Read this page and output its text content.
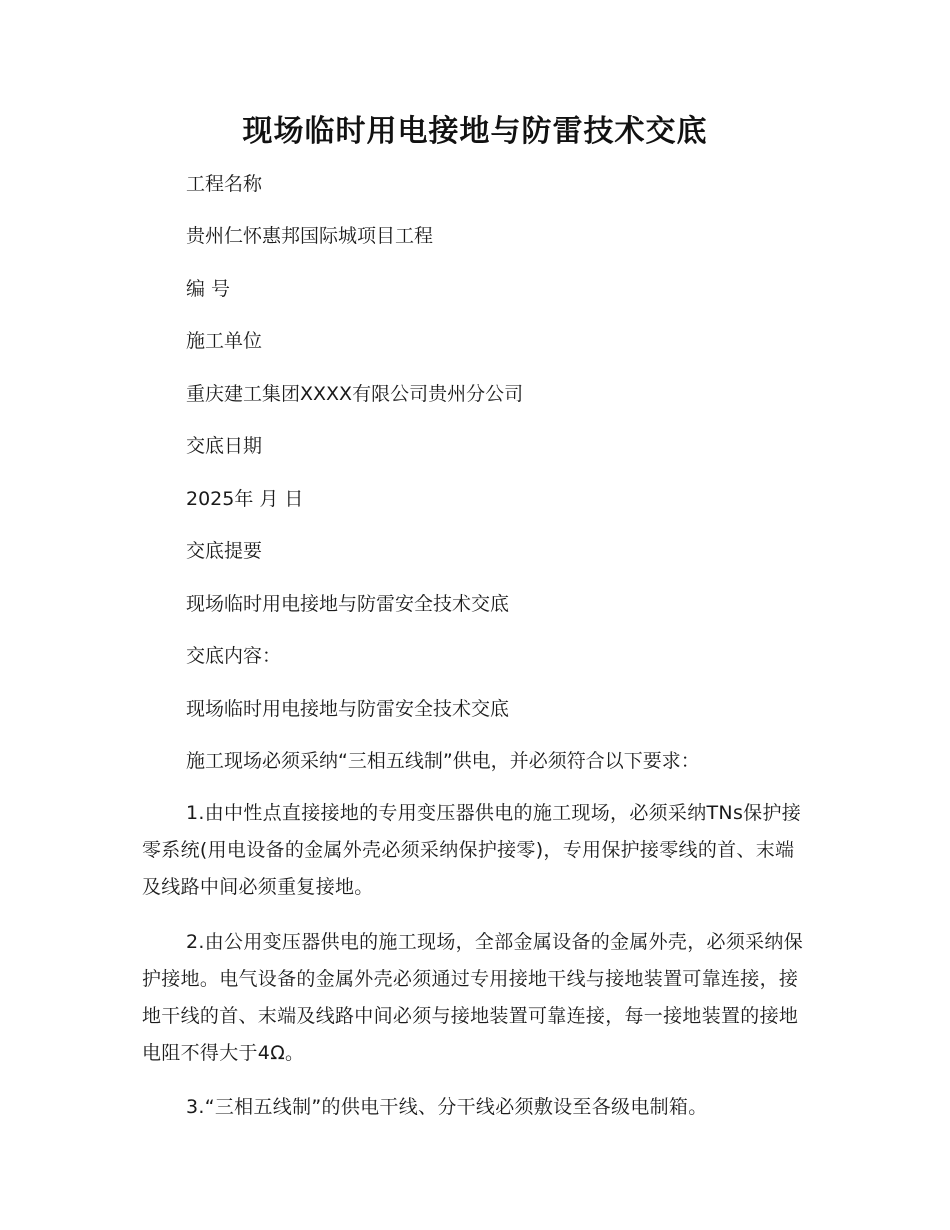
现场临时用电接地与防雷技术交底
工程名称
贵州仁怀惠邦国际城项目工程
编 号
施工单位
重庆建工集团XXXX有限公司贵州分公司
交底日期
2025年 月 日
交底提要
现场临时用电接地与防雷安全技术交底
交底内容：
现场临时用电接地与防雷安全技术交底
施工现场必须采纳“三相五线制”供电，并必须符合以下要求：
1.由中性点直接接地的专用变压器供电的施工现场，必须采纳TNs保护接零系统(用电设备的金属外壳必须采纳保护接零)，专用保护接零线的首、末端及线路中间必须重复接地。
2.由公用变压器供电的施工现场，全部金属设备的金属外壳，必须采纳保护接地。电气设备的金属外壳必须通过专用接地干线与接地装置可靠连接，接地干线的首、末端及线路中间必须与接地装置可靠连接，每一接地装置的接地电阻不得大于4Ω。
3.“三相五线制”的供电干线、分干线必须敷设至各级电制箱。
